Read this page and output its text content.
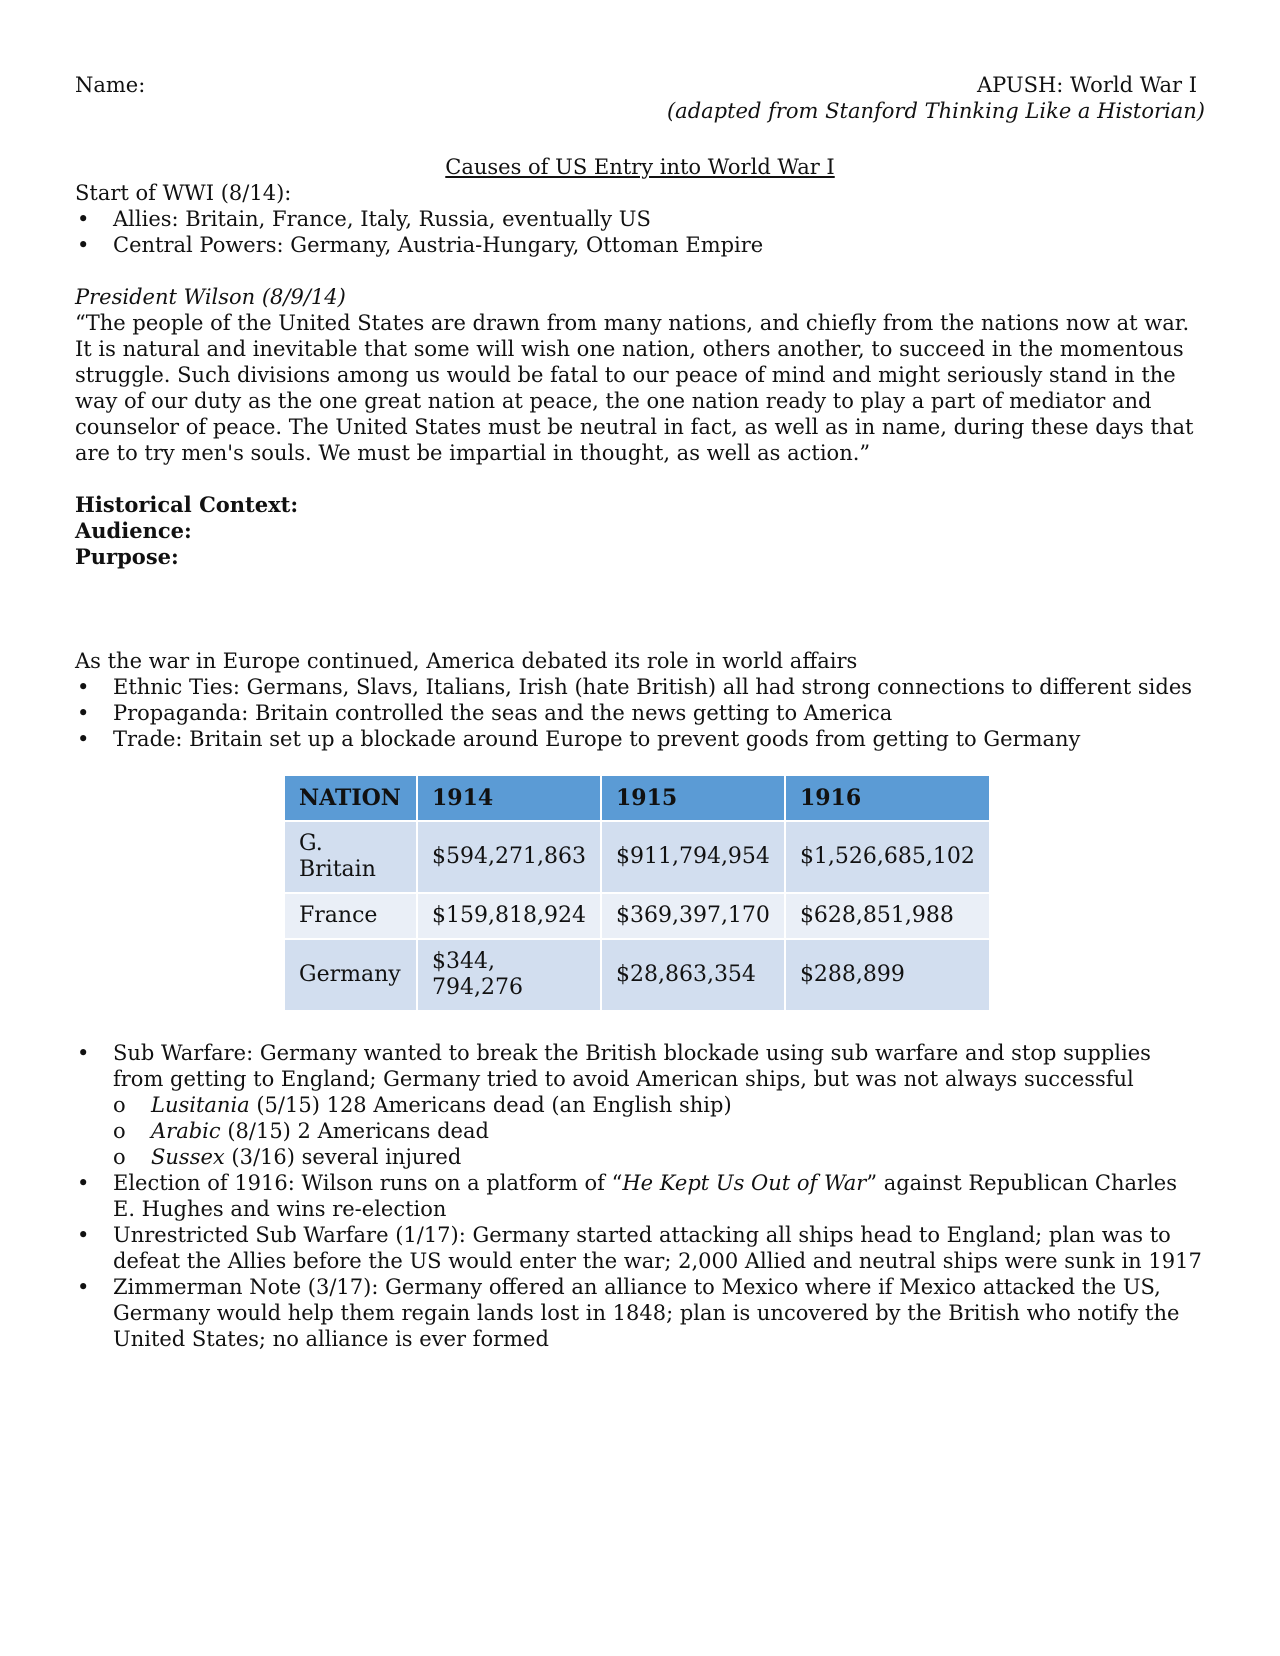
Name:	APUSH: World War I
(adapted from Stanford Thinking Like a Historian)
Causes of US Entry into World War I

Start of WWI (8/14):

• Allies: Britain, France, Italy, Russia, eventually US
• Central Powers: Germany, Austria-Hungary, Ottoman Empire

President Wilson (8/9/14)

“The people of the United States are drawn from many nations, and chiefly from the nations now at war. It is natural and inevitable that some will wish one nation, others another, to succeed in the momentous struggle. Such divisions among us would be fatal to our peace of mind and might seriously stand in the way of our duty as the one great nation at peace, the one nation ready to play a part of mediator and counselor of peace. The United States must be neutral in fact, as well as in name, during these days that are to try men's souls. We must be impartial in thought, as well as action.”

Historical Context:

Audience:

Purpose:

As the war in Europe continued, America debated its role in world affairs

• Ethnic Ties: Germans, Slavs, Italians, Irish (hate British) all had strong connections to different sides
• Propaganda: Britain controlled the seas and the news getting to America
• Trade: Britain set up a blockade around Europe to prevent goods from getting to Germany
NATION	1914	1915	1916
G. Britain	$594,271,863	$911,794,954	$1,526,685,102
France	$159,818,924	$369,397,170	$628,851,988
Germany	$344, 794,276	$28,863,354	$288,899
• Sub Warfare: Germany wanted to break the British blockade using sub warfare and stop supplies from getting to England; Germany tried to avoid American ships, but was not always successful
o Lusitania (5/15) 128 Americans dead (an English ship)
o Arabic (8/15) 2 Americans dead
o Sussex (3/16) several injured
• Election of 1916: Wilson runs on a platform of “He Kept Us Out of War” against Republican Charles E. Hughes and wins re-election
• Unrestricted Sub Warfare (1/17): Germany started attacking all ships head to England; plan was to defeat the Allies before the US would enter the war; 2,000 Allied and neutral ships were sunk in 1917
• Zimmerman Note (3/17): Germany offered an alliance to Mexico where if Mexico attacked the US, Germany would help them regain lands lost in 1848; plan is uncovered by the British who notify the United States; no alliance is ever formed
